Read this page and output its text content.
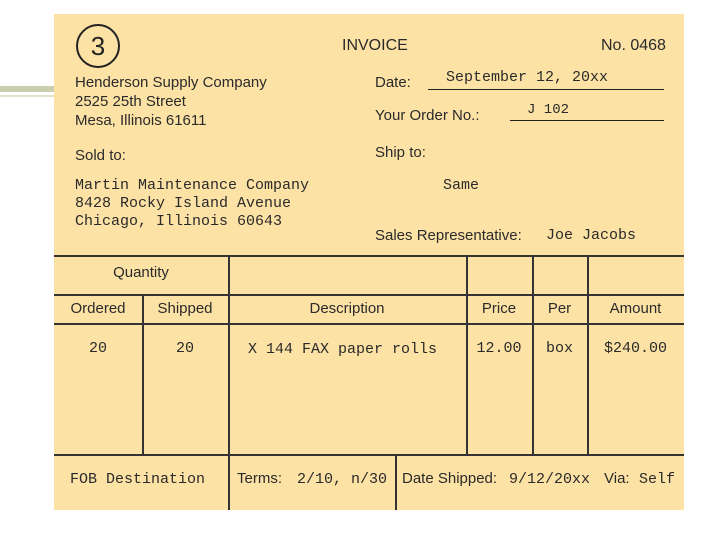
3	INVOICE	No. 0468
Henderson Supply Company
2525 25th Street
Mesa, Illinois 61611
Date: September 12, 20xx
Your Order No.:	J 102
Sold to:
Martin Maintenance Company
8428 Rocky Island Avenue
Chicago, Illinois 60643
Ship to:
Same
Sales Representative: Joe Jacobs
Quantity
Ordered	Shipped	Description	Price	Per	Amount
20	20	X 144 FAX paper rolls	12.00	box	$240.00
FOB Destination Terms: 2/10, n/30 Date Shipped: 9/12/20xx Via: Self
